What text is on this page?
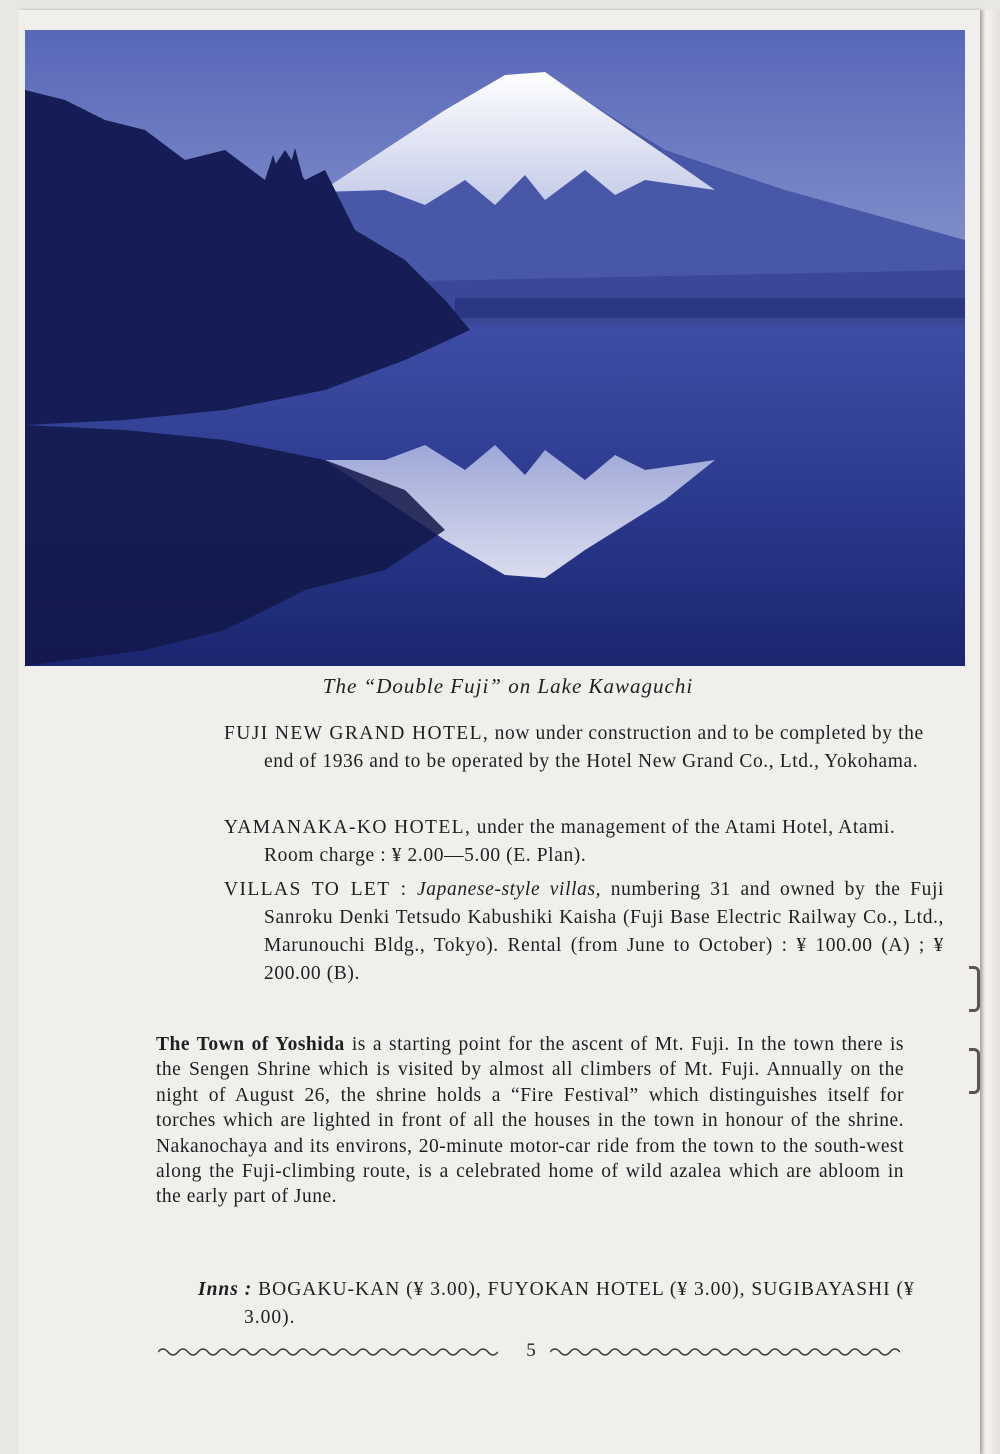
The “Double Fuji” on Lake Kawaguchi
FUJI NEW GRAND HOTEL, now under construction and to be completed by the end of 1936 and to be operated by the Hotel New Grand Co., Ltd., Yokohama.
YAMANAKA-KO HOTEL, under the management of the Atami Hotel, Atami. Room charge : ¥ 2.00—5.00 (E. Plan).
VILLAS TO LET : Japanese-style villas, numbering 31 and owned by the Fuji Sanroku Denki Tetsudo Kabushiki Kaisha (Fuji Base Electric Railway Co., Ltd., Marunouchi Bldg., Tokyo). Rental (from June to October) : ¥ 100.00 (A) ; ¥ 200.00 (B).
The Town of Yoshida is a starting point for the ascent of Mt. Fuji. In the town there is the Sengen Shrine which is visited by almost all climbers of Mt. Fuji. Annually on the night of August 26, the shrine holds a “Fire Festival” which distinguishes itself for torches which are lighted in front of all the houses in the town in honour of the shrine. Nakanochaya and its environs, 20-minute motor-car ride from the town to the south-west along the Fuji-climbing route, is a celebrated home of wild azalea which are abloom in the early part of June.
Inns : BOGAKU-KAN (¥ 3.00), FUYOKAN HOTEL (¥ 3.00), SUGIBAYASHI (¥ 3.00).
5
